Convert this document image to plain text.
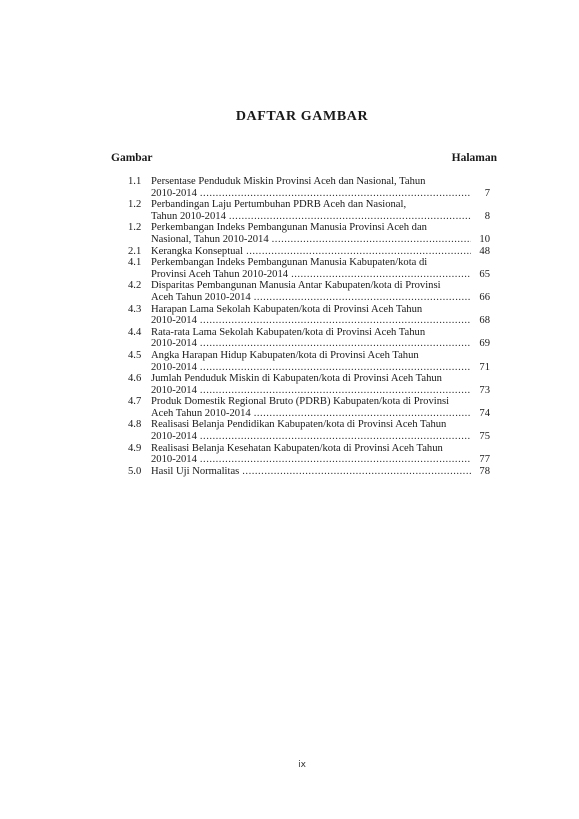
DAFTAR GAMBAR
Gambar	Halaman
1.1 Persentase Penduduk Miskin Provinsi Aceh dan Nasional, Tahun
2010-2014 .....	7
1.2 Perbandingan Laju Pertumbuhan PDRB Aceh dan Nasional,
Tahun 2010-2014 .....	8
1.2 Perkembangan Indeks Pembangunan Manusia Provinsi Aceh dan
Nasional, Tahun 2010-2014 .....	10
2.1 Kerangka Konseptual .....	48
4.1 Perkembangan Indeks Pembangunan Manusia Kabupaten/kota di
Provinsi Aceh Tahun 2010-2014 .....	65
4.2 Disparitas Pembangunan Manusia Antar Kabupaten/kota di Provinsi
Aceh Tahun 2010-2014 .....	66
4.3 Harapan Lama Sekolah Kabupaten/kota di Provinsi Aceh Tahun
2010-2014 .....	68
4.4 Rata-rata Lama Sekolah Kabupaten/kota di Provinsi Aceh Tahun
2010-2014 .....	69
4.5 Angka Harapan Hidup Kabupaten/kota di Provinsi Aceh Tahun
2010-2014 .....	71
4.6 Jumlah Penduduk Miskin di Kabupaten/kota di Provinsi Aceh Tahun
2010-2014 .....	73
4.7 Produk Domestik Regional Bruto (PDRB) Kabupaten/kota di Provinsi
Aceh Tahun 2010-2014 .....	74
4.8 Realisasi Belanja Pendidikan Kabupaten/kota di Provinsi Aceh Tahun
2010-2014 .....	75
4.9 Realisasi Belanja Kesehatan Kabupaten/kota di Provinsi Aceh Tahun
2010-2014 .....	77
5.0 Hasil Uji Normalitas .....	78
ix
